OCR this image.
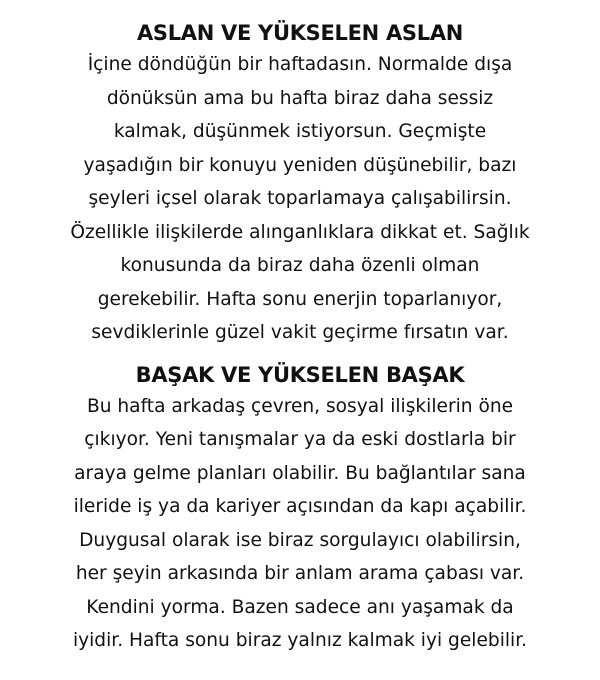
ASLAN VE YÜKSELEN ASLAN

İçine döndüğün bir haftadasın. Normalde dışa
dönüksün ama bu hafta biraz daha sessiz
kalmak, düşünmek istiyorsun. Geçmişte
yaşadığın bir konuyu yeniden düşünebilir, bazı
şeyleri içsel olarak toparlamaya çalışabilirsin.
Özellikle ilişkilerde alınganlıklara dikkat et. Sağlık
konusunda da biraz daha özenli olman
gerekebilir. Hafta sonu enerjin toparlanıyor,
sevdiklerinle güzel vakit geçirme fırsatın var.

BAŞAK VE YÜKSELEN BAŞAK

Bu hafta arkadaş çevren, sosyal ilişkilerin öne
çıkıyor. Yeni tanışmalar ya da eski dostlarla bir
araya gelme planları olabilir. Bu bağlantılar sana
ileride iş ya da kariyer açısından da kapı açabilir.
Duygusal olarak ise biraz sorgulayıcı olabilirsin,
her şeyin arkasında bir anlam arama çabası var.
Kendini yorma. Bazen sadece anı yaşamak da
iyidir. Hafta sonu biraz yalnız kalmak iyi gelebilir.
